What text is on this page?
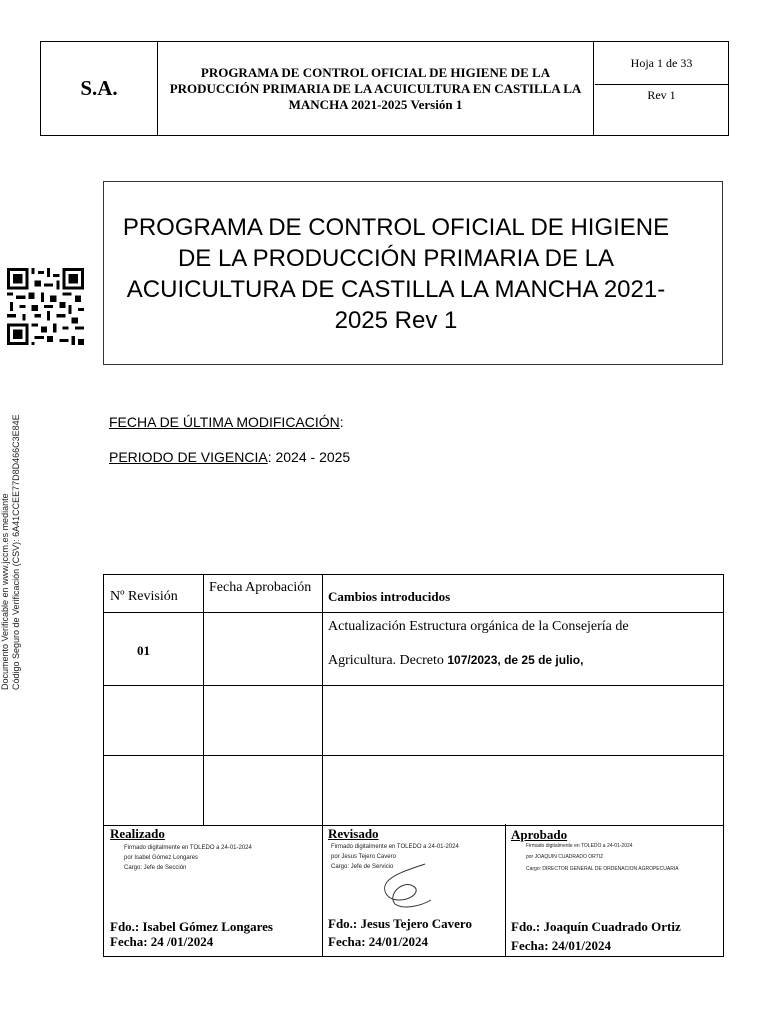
S.A.
PROGRAMA DE CONTROL OFICIAL DE HIGIENE DE LA PRODUCCIÓN PRIMARIA DE LA ACUICULTURA EN CASTILLA LA MANCHA 2021-2025 Versión 1
Hoja 1 de 33
Rev 1
Documento Verificable en www.jccm.es mediante Código Seguro de Verificación (CSV): 6A41CCEE77D8D466C3E84E
PROGRAMA DE CONTROL OFICIAL DE HIGIENE DE LA PRODUCCIÓN PRIMARIA DE LA ACUICULTURA DE CASTILLA LA MANCHA 2021-2025 Rev 1
FECHA DE ÚLTIMA MODIFICACIÓN:
PERIODO DE VIGENCIA: 2024 - 2025
Nº Revisión
Fecha Aprobación
Cambios introducidos
01
Actualización Estructura orgánica de la Consejería de
Agricultura. Decreto 107/2023, de 25 de julio,
Realizado
Firmado digitalmente en TOLEDO a 24-01-2024
por Isabel Gómez Longares
Cargo: Jefe de Sección
Fdo.: Isabel Gómez Longares
Fecha: 24 /01/2024
Revisado
Firmado digitalmente en TOLEDO a 24-01-2024
por Jesus Tejero Cavero
Cargo: Jefe de Servicio
Fdo.: Jesus Tejero Cavero
Fecha: 24/01/2024
Aprobado
Firmado digitalmente en TOLEDO a 24-01-2024
por JOAQUIN CUADRADO ORTIZ
Cargo: DIRECTOR GENERAL DE ORDENACION AGROPECUARIA
Fdo.: Joaquín Cuadrado Ortiz
Fecha: 24/01/2024
